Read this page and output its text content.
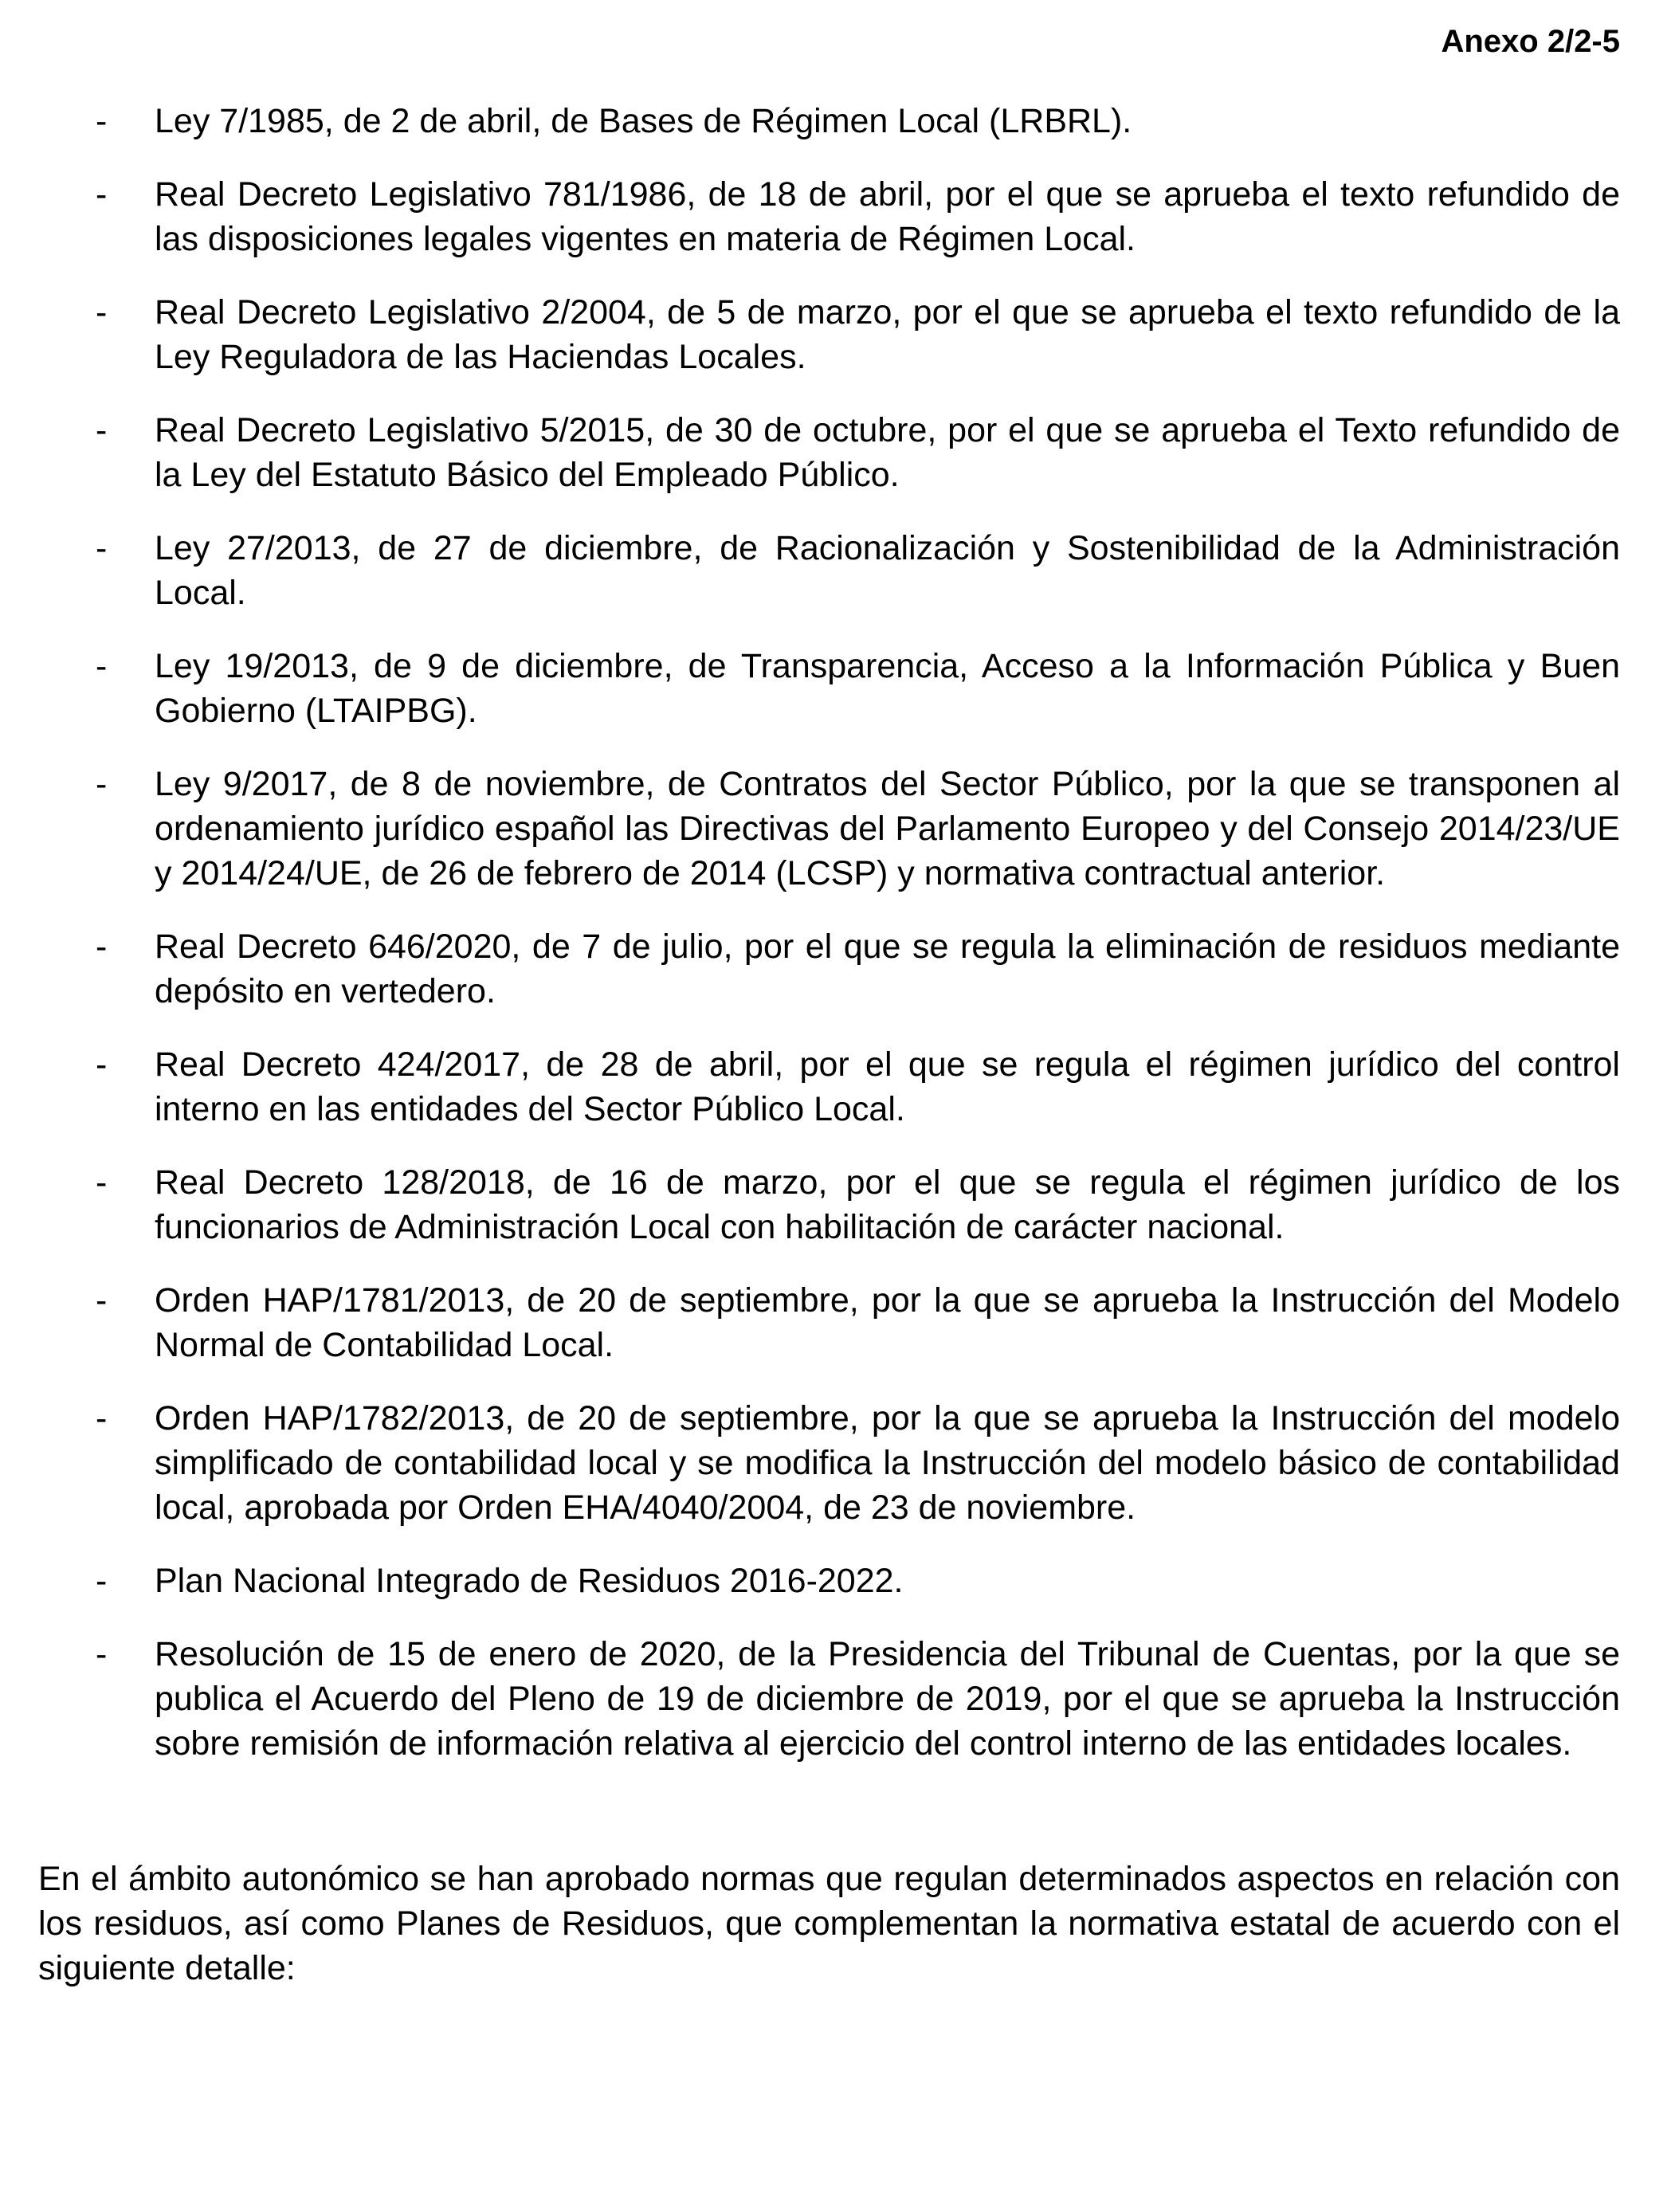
Anexo 2/2-5
- Ley 7/1985, de 2 de abril, de Bases de Régimen Local (LRBRL).
- Real Decreto Legislativo 781/1986, de 18 de abril, por el que se aprueba el texto refundido de las disposiciones legales vigentes en materia de Régimen Local.
- Real Decreto Legislativo 2/2004, de 5 de marzo, por el que se aprueba el texto refundido de la Ley Reguladora de las Haciendas Locales.
- Real Decreto Legislativo 5/2015, de 30 de octubre, por el que se aprueba el Texto refundido de la Ley del Estatuto Básico del Empleado Público.
- Ley 27/2013, de 27 de diciembre, de Racionalización y Sostenibilidad de la Administración Local.
- Ley 19/2013, de 9 de diciembre, de Transparencia, Acceso a la Información Pública y Buen Gobierno (LTAIPBG).
- Ley 9/2017, de 8 de noviembre, de Contratos del Sector Público, por la que se transponen al ordenamiento jurídico español las Directivas del Parlamento Europeo y del Consejo 2014/23/UE y 2014/24/UE, de 26 de febrero de 2014 (LCSP) y normativa contractual anterior.
- Real Decreto 646/2020, de 7 de julio, por el que se regula la eliminación de residuos mediante depósito en vertedero.
- Real Decreto 424/2017, de 28 de abril, por el que se regula el régimen jurídico del control interno en las entidades del Sector Público Local.
- Real Decreto 128/2018, de 16 de marzo, por el que se regula el régimen jurídico de los funcionarios de Administración Local con habilitación de carácter nacional.
- Orden HAP/1781/2013, de 20 de septiembre, por la que se aprueba la Instrucción del Modelo Normal de Contabilidad Local.
- Orden HAP/1782/2013, de 20 de septiembre, por la que se aprueba la Instrucción del modelo simplificado de contabilidad local y se modifica la Instrucción del modelo básico de contabilidad local, aprobada por Orden EHA/4040/2004, de 23 de noviembre.
- Plan Nacional Integrado de Residuos 2016-2022.
- Resolución de 15 de enero de 2020, de la Presidencia del Tribunal de Cuentas, por la que se publica el Acuerdo del Pleno de 19 de diciembre de 2019, por el que se aprueba la Instrucción sobre remisión de información relativa al ejercicio del control interno de las entidades locales.

En el ámbito autonómico se han aprobado normas que regulan determinados aspectos en relación con los residuos, así como Planes de Residuos, que complementan la normativa estatal de acuerdo con el siguiente detalle:
